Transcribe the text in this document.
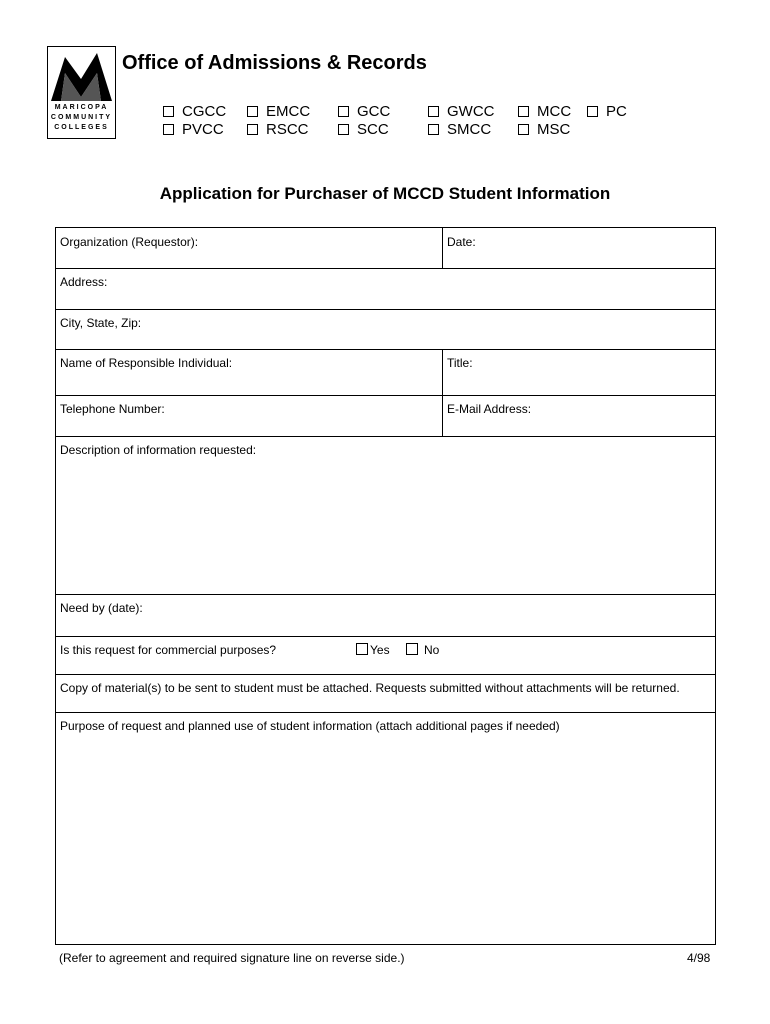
MARICOPA
COMMUNITY
COLLEGES
Office of Admissions & Records
CGCC	EMCC	GCC	GWCC	MCC PC
PVCC	RSCC	SCC	SMCC	MSC
Application for Purchaser of MCCD Student Information
Organization (Requestor):	Date:
Address:
City, State, Zip:
Name of Responsible Individual:	Title:
Telephone Number:	E-Mail Address:
Description of information requested:
Need by (date):
Is this request for commercial purposes?	Yes	No
Copy of material(s) to be sent to student must be attached. Requests submitted without attachments will be returned.
Purpose of request and planned use of student information (attach additional pages if needed)
(Refer to agreement and required signature line on reverse side.)	4/98
